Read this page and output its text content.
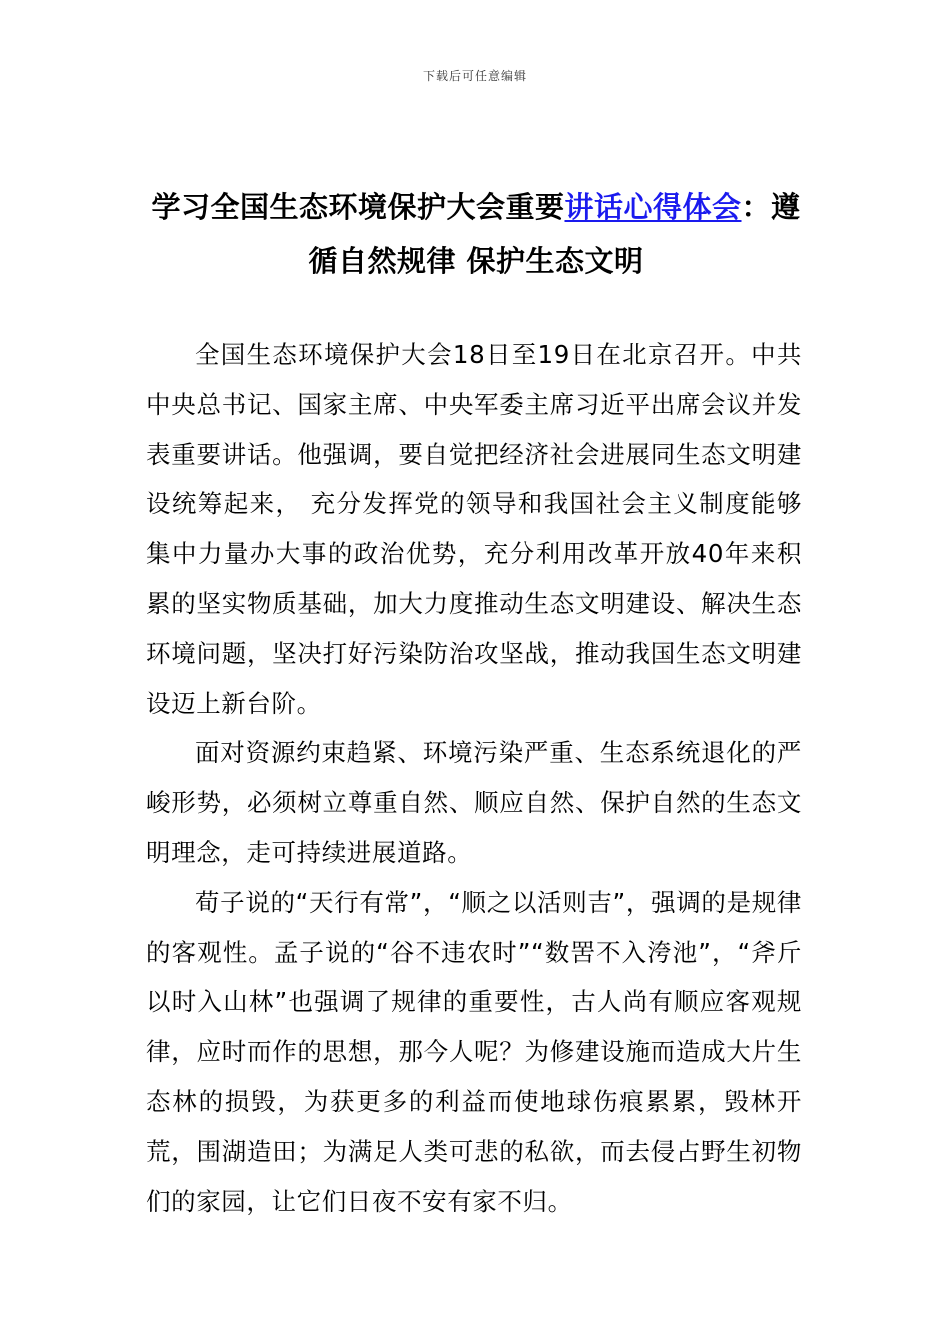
下载后可任意编辑
学习全国生态环境保护大会重要讲话心得体会：遵循自然规律 保护生态文明

全国生态环境保护大会18日至19日在北京召开。中共中央总书记、国家主席、中央军委主席习近平出席会议并发表重要讲话。他强调，要自觉把经济社会进展同生态文明建设统筹起来， 充分发挥党的领导和我国社会主义制度能够集中力量办大事的政治优势，充分利用改革开放40年来积累的坚实物质基础，加大力度推动生态文明建设、解决生态环境问题，坚决打好污染防治攻坚战，推动我国生态文明建设迈上新台阶。

面对资源约束趋紧、环境污染严重、生态系统退化的严峻形势，必须树立尊重自然、顺应自然、保护自然的生态文明理念，走可持续进展道路。

荀子说的“天行有常”，“顺之以活则吉”，强调的是规律的客观性。孟子说的“谷不违农时”“数罟不入洿池”，“斧斤以时入山林”也强调了规律的重要性，古人尚有顺应客观规律，应时而作的思想，那今人呢？为修建设施而造成大片生态林的损毁，为获更多的利益而使地球伤痕累累，毁林开荒，围湖造田；为满足人类可悲的私欲，而去侵占野生初物们的家园，让它们日夜不安有家不归。
